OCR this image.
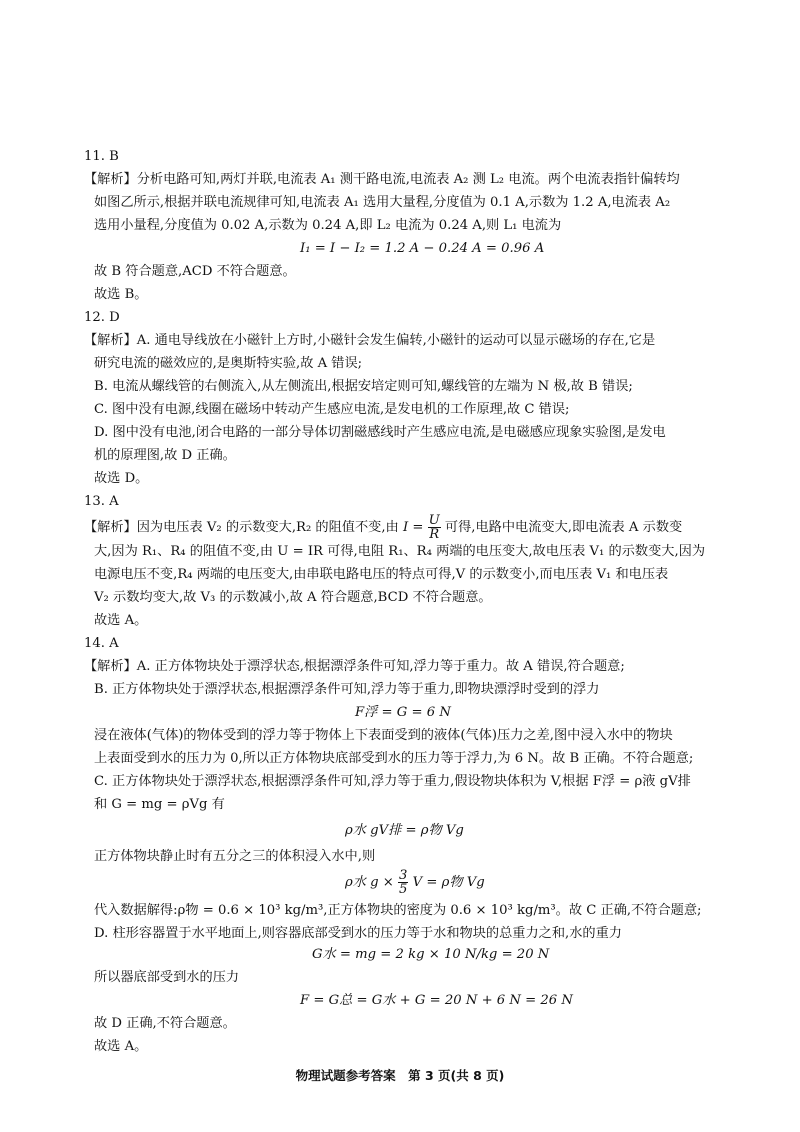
11. B
【解析】分析电路可知,两灯并联,电流表 A₁ 测干路电流,电流表 A₂ 测 L₂ 电流。两个电流表指针偏转均
如图乙所示,根据并联电流规律可知,电流表 A₁ 选用大量程,分度值为 0.1 A,示数为 1.2 A,电流表 A₂
选用小量程,分度值为 0.02 A,示数为 0.24 A,即 L₂ 电流为 0.24 A,则 L₁ 电流为
I₁ = I − I₂ = 1.2 A − 0.24 A = 0.96 A
故 B 符合题意,ACD 不符合题意。
故选 B。
12. D
【解析】A. 通电导线放在小磁针上方时,小磁针会发生偏转,小磁针的运动可以显示磁场的存在,它是
研究电流的磁效应的,是奥斯特实验,故 A 错误;
B. 电流从螺线管的右侧流入,从左侧流出,根据安培定则可知,螺线管的左端为 N 极,故 B 错误;
C. 图中没有电源,线圈在磁场中转动产生感应电流,是发电机的工作原理,故 C 错误;
D. 图中没有电池,闭合电路的一部分导体切割磁感线时产生感应电流,是电磁感应现象实验图,是发电
机的原理图,故 D 正确。
故选 D。
13. A
【解析】因为电压表 V₂ 的示数变大,R₂ 的阻值不变,由 $I = \frac{U}{R}$ 可得,电路中电流变大,即电流表 A 示数变
大,因为 R₁、R₄ 的阻值不变,由 U = IR 可得,电阻 R₁、R₄ 两端的电压变大,故电压表 V₁ 的示数变大,因为
电源电压不变,R₄ 两端的电压变大,由串联电路电压的特点可得,V 的示数变小,而电压表 V₁ 和电压表
V₂ 示数均变大,故 V₃ 的示数减小,故 A 符合题意,BCD 不符合题意。
故选 A。
14. A
【解析】A. 正方体物块处于漂浮状态,根据漂浮条件可知,浮力等于重力。故 A 错误,符合题意;
B. 正方体物块处于漂浮状态,根据漂浮条件可知,浮力等于重力,即物块漂浮时受到的浮力
F浮 = G = 6 N
浸在液体(气体)的物体受到的浮力等于物体上下表面受到的液体(气体)压力之差,图中浸入水中的物块
上表面受到水的压力为 0,所以正方体物块底部受到水的压力等于浮力,为 6 N。故 B 正确。不符合题意;
C. 正方体物块处于漂浮状态,根据漂浮条件可知,浮力等于重力,假设物块体积为 V,根据 F浮 = ρ液 gV排
和 G = mg = ρVg 有
ρ水 gV排 = ρ物 Vg
正方体物块静止时有五分之三的体积浸入水中,则
ρ水 $g \times \frac{3}{5}$ V = ρ物 Vg
代入数据解得:ρ物 = 0.6 × 10³ kg/m³,正方体物块的密度为 0.6 × 10³ kg/m³。故 C 正确,不符合题意;
D. 柱形容器置于水平地面上,则容器底部受到水的压力等于水和物块的总重力之和,水的重力
G水 = mg = 2 kg × 10 N/kg = 20 N
所以器底部受到水的压力
F = G总 = G水 + G = 20 N + 6 N = 26 N
故 D 正确,不符合题意。
故选 A。
物理试题参考答案　第 3 页(共 8 页)
